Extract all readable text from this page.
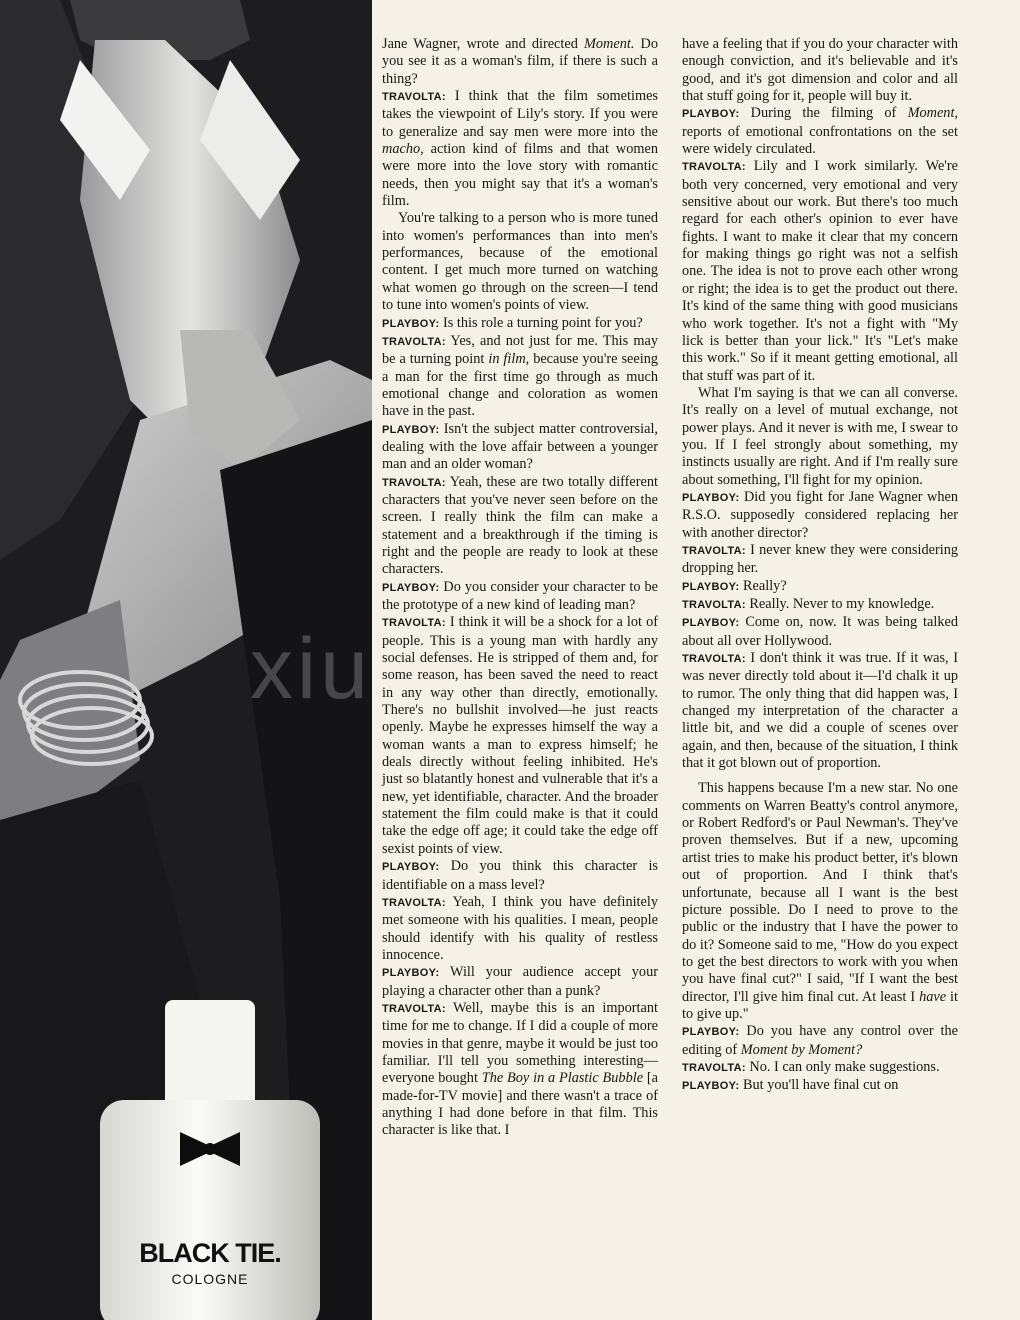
BLACK TIE.
COLOGNE
xiu

Jane Wagner, wrote and directed Moment. Do you see it as a woman's film, if there is such a thing?

TRAVOLTA: I think that the film sometimes takes the viewpoint of Lily's story. If you were to generalize and say men were more into the macho, action kind of films and that women were more into the love story with romantic needs, then you might say that it's a woman's film.

You're talking to a person who is more tuned into women's performances than into men's performances, because of the emotional content. I get much more turned on watching what women go through on the screen—I tend to tune into women's points of view.

PLAYBOY: Is this role a turning point for you?

TRAVOLTA: Yes, and not just for me. This may be a turning point in film, because you're seeing a man for the first time go through as much emotional change and coloration as women have in the past.

PLAYBOY: Isn't the subject matter controversial, dealing with the love affair between a younger man and an older woman?

TRAVOLTA: Yeah, these are two totally different characters that you've never seen before on the screen. I really think the film can make a statement and a breakthrough if the timing is right and the people are ready to look at these characters.

PLAYBOY: Do you consider your character to be the prototype of a new kind of leading man?

TRAVOLTA: I think it will be a shock for a lot of people. This is a young man with hardly any social defenses. He is stripped of them and, for some reason, has been saved the need to react in any way other than directly, emotionally. There's no bullshit involved—he just reacts openly. Maybe he expresses himself the way a woman wants a man to express himself; he deals directly without feeling inhibited. He's just so blatantly honest and vulnerable that it's a new, yet identifiable, character. And the broader statement the film could make is that it could take the edge off age; it could take the edge off sexist points of view.

PLAYBOY: Do you think this character is identifiable on a mass level?

TRAVOLTA: Yeah, I think you have definitely met someone with his qualities. I mean, people should identify with his quality of restless innocence.

PLAYBOY: Will your audience accept your playing a character other than a punk?

TRAVOLTA: Well, maybe this is an important time for me to change. If I did a couple of more movies in that genre, maybe it would be just too familiar. I'll tell you something interesting—everyone bought The Boy in a Plastic Bubble [a made-for-TV movie] and there wasn't a trace of anything I had done before in that film. This character is like that. I

have a feeling that if you do your character with enough conviction, and it's believable and it's good, and it's got dimension and color and all that stuff going for it, people will buy it.

PLAYBOY: During the filming of Moment, reports of emotional confrontations on the set were widely circulated.

TRAVOLTA: Lily and I work similarly. We're both very concerned, very emotional and very sensitive about our work. But there's too much regard for each other's opinion to ever have fights. I want to make it clear that my concern for making things go right was not a selfish one. The idea is not to prove each other wrong or right; the idea is to get the product out there. It's kind of the same thing with good musicians who work together. It's not a fight with "My lick is better than your lick." It's "Let's make this work." So if it meant getting emotional, all that stuff was part of it.

What I'm saying is that we can all converse. It's really on a level of mutual exchange, not power plays. And it never is with me, I swear to you. If I feel strongly about something, my instincts usually are right. And if I'm really sure about something, I'll fight for my opinion.

PLAYBOY: Did you fight for Jane Wagner when R.S.O. supposedly considered replacing her with another director?

TRAVOLTA: I never knew they were considering dropping her.

PLAYBOY: Really?

TRAVOLTA: Really. Never to my knowledge.

PLAYBOY: Come on, now. It was being talked about all over Hollywood.

TRAVOLTA: I don't think it was true. If it was, I was never directly told about it—I'd chalk it up to rumor. The only thing that did happen was, I changed my interpretation of the character a little bit, and we did a couple of scenes over again, and then, because of the situation, I think that it got blown out of proportion.

This happens because I'm a new star. No one comments on Warren Beatty's control anymore, or Robert Redford's or Paul Newman's. They've proven themselves. But if a new, upcoming artist tries to make his product better, it's blown out of proportion. And I think that's unfortunate, because all I want is the best picture possible. Do I need to prove to the public or the industry that I have the power to do it? Someone said to me, "How do you expect to get the best directors to work with you when you have final cut?" I said, "If I want the best director, I'll give him final cut. At least I have it to give up."

PLAYBOY: Do you have any control over the editing of Moment by Moment?

TRAVOLTA: No. I can only make suggestions.

PLAYBOY: But you'll have final cut on
